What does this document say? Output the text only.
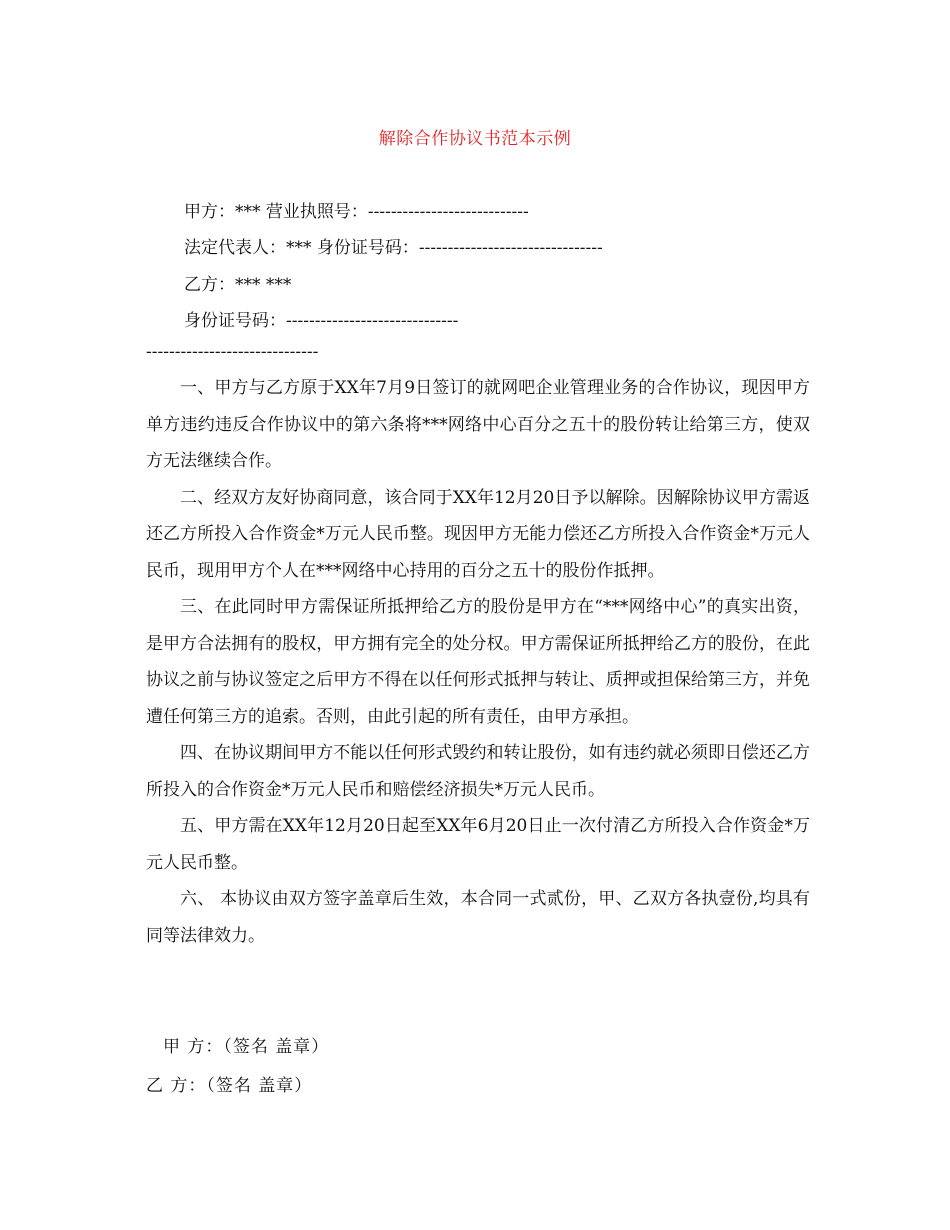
解除合作协议书范本示例
甲方：*** 营业执照号：----------------------------
法定代表人：*** 身份证号码：--------------------------------
乙方：*** ***
身份证号码：------------------------------
------------------------------

一、甲方与乙方原于XX年7月9日签订的就网吧企业管理业务的合作协议，现因甲方单方违约违反合作协议中的第六条将***网络中心百分之五十的股份转让给第三方，使双方无法继续合作。

二、经双方友好协商同意，该合同于XX年12月20日予以解除。因解除协议甲方需返还乙方所投入合作资金*万元人民币整。现因甲方无能力偿还乙方所投入合作资金*万元人民币，现用甲方个人在***网络中心持用的百分之五十的股份作抵押。

三、在此同时甲方需保证所抵押给乙方的股份是甲方在“***网络中心”的真实出资，是甲方合法拥有的股权，甲方拥有完全的处分权。甲方需保证所抵押给乙方的股份，在此协议之前与协议签定之后甲方不得在以任何形式抵押与转让、质押或担保给第三方，并免遭任何第三方的追索。否则，由此引起的所有责任，由甲方承担。

四、在协议期间甲方不能以任何形式毁约和转让股份，如有违约就必须即日偿还乙方所投入的合作资金*万元人民币和赔偿经济损失*万元人民币。

五、甲方需在XX年12月20日起至XX年6月20日止一次付清乙方所投入合作资金*万元人民币整。

六、 本协议由双方签字盖章后生效，本合同一式贰份，甲、乙双方各执壹份,均具有同等法律效力。

甲 方：（签名 盖章）
乙 方：（签名 盖章）
